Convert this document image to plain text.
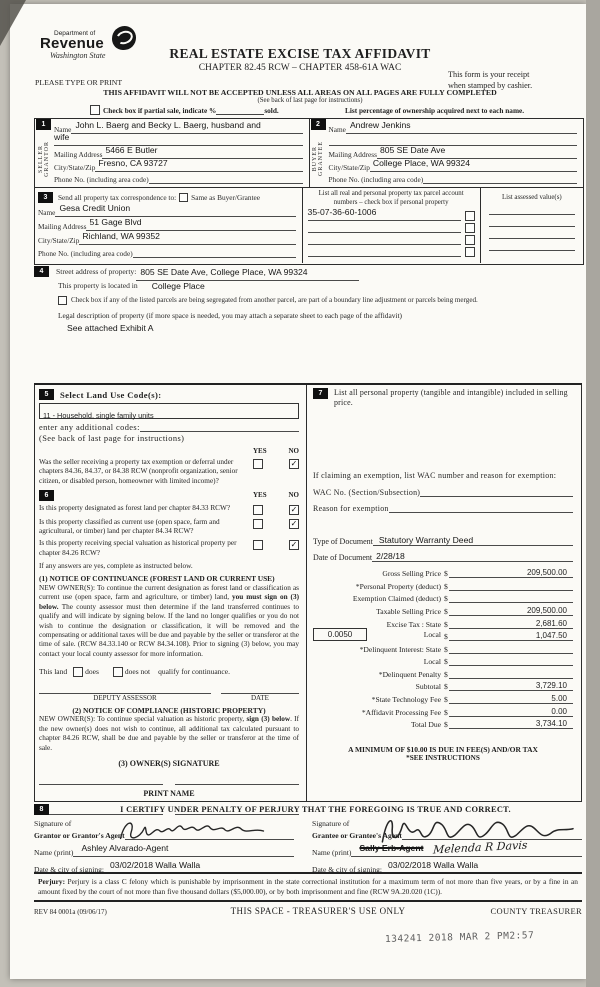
Department of
Revenue
Washington State	REAL ESTATE EXCISE TAX AFFIDAVIT
PLEASE TYPE OR PRINT
CHAPTER 82.45 RCW – CHAPTER 458-61A WAC
This form is your receipt
when stamped by cashier.
THIS AFFIDAVIT WILL NOT BE ACCEPTED UNLESS ALL AREAS ON ALL PAGES ARE FULLY COMPLETED
(See back of last page for instructions)
Check box if partial sale, indicate %	sold.	List percentage of ownership acquired next to each name.
1
SELLER GRANTOR
Name John L. Baerg and Becky L. Baerg, husband and
wife
Mailing Address 5466 E Butler
City/State/Zip Fresno, CA 93727
Phone No. (including area code)
2
BUYER GRANTEE
Name Andrew Jenkins
Mailing Address 805 SE Date Ave
City/State/Zip College Place, WA 99324
Phone No. (including area code)
3	Send all property tax correspondence to: Same as Buyer/Grantee
Name Gesa Credit Union
Mailing Address 51 Gage Blvd
City/State/Zip Richland, WA 99352
Phone No. (including area code)
List all real and personal property tax parcel account
numbers – check box if personal property
35-07-36-60-1006
List assessed value(s)
4	Street address of property: 805 SE Date Ave, College Place, WA 99324
This property is located in College Place
Check box if any of the listed parcels are being segregated from another parcel, are part of a boundary line adjustment or parcels being merged.
Legal description of property (if more space is needed, you may attach a separate sheet to each page of the affidavit)
See attached Exhibit A
5	Select Land Use Code(s):
11 - Household, single family units
enter any additional codes:
(See back of last page for instructions)
YES	NO
Was the seller receiving a property tax exemption or deferral under chapters 84.36, 84.37, or 84.38 RCW (nonprofit organization, senior citizen, or disabled person, homeowner with limited income)?
✓
6	YES	NO
Is this property designated as forest land per chapter 84.33 RCW?	✓
Is this property classified as current use (open space, farm and agricultural, or timber) land per chapter 84.34 RCW?
✓
Is this property receiving special valuation as historical property per chapter 84.26 RCW?
✓
If any answers are yes, complete as instructed below.
(1) NOTICE OF CONTINUANCE (FOREST LAND OR CURRENT USE)
NEW OWNER(S): To continue the current designation as forest land or classification as current use (open space, farm and agriculture, or timber) land, you must sign on (3) below. The county assessor must then determine if the land transferred continues to qualify and will indicate by signing below. If the land no longer qualifies or you do not wish to continue the designation or classification, it will be removed and the compensating or additional taxes will be due and payable by the seller or transferor at the time of sale. (RCW 84.33.140 or RCW 84.34.108). Prior to signing (3) below, you may contact your local county assessor for more information.
This land does	does not qualify for continuance.
DEPUTY ASSESSOR	DATE
(2) NOTICE OF COMPLIANCE (HISTORIC PROPERTY)
NEW OWNER(S): To continue special valuation as historic property, sign (3) below. If the new owner(s) does not wish to continue, all additional tax calculated pursuant to chapter 84.26 RCW, shall be due and payable by the seller or transferor at the time of sale.
(3) OWNER(S) SIGNATURE
PRINT NAME
7	List all personal property (tangible and intangible) included in selling
price.
If claiming an exemption, list WAC number and reason for exemption:
WAC No. (Section/Subsection)
Reason for exemption
Type of Document Statutory Warranty Deed
Date of Document 2/28/18
Gross Selling Price $	209,500.00
*Personal Property (deduct) $
Exemption Claimed (deduct) $
Taxable Selling Price $	209,500.00
Excise Tax : State $	2,681.60
0.0050	Local $	1,047.50
*Delinquent Interest: State $
Local $
*Delinquent Penalty $
Subtotal $	3,729.10
*State Technology Fee $	5.00
*Affidavit Processing Fee $	0.00
Total Due $	3,734.10
A MINIMUM OF $10.00 IS DUE IN FEE(S) AND/OR TAX
*SEE INSTRUCTIONS
8	I CERTIFY UNDER PENALTY OF PERJURY THAT THE FOREGOING IS TRUE AND CORRECT.
Signature of
Grantor or Grantor's Agent
Name (print) Ashley Alvarado-Agent
Date & city of signing: 03/02/2018 Walla Walla
Signature of
Grantee or Grantee's Agent
Name (print) Sally Erb-Agent Melenda R Davis
Date & city of signing: 03/02/2018 Walla Walla
Perjury: Perjury is a class C felony which is punishable by imprisonment in the state correctional institution for a maximum term of not more than five years, or by a fine in an amount fixed by the court of not more than five thousand dollars ($5,000.00), or by both imprisonment and fine (RCW 9A.20.020 (1C)).
REV 84 0001a (09/06/17)	THIS SPACE - TREASURER'S USE ONLY	COUNTY TREASURER
134241 2018 MAR 2 PM2:57
